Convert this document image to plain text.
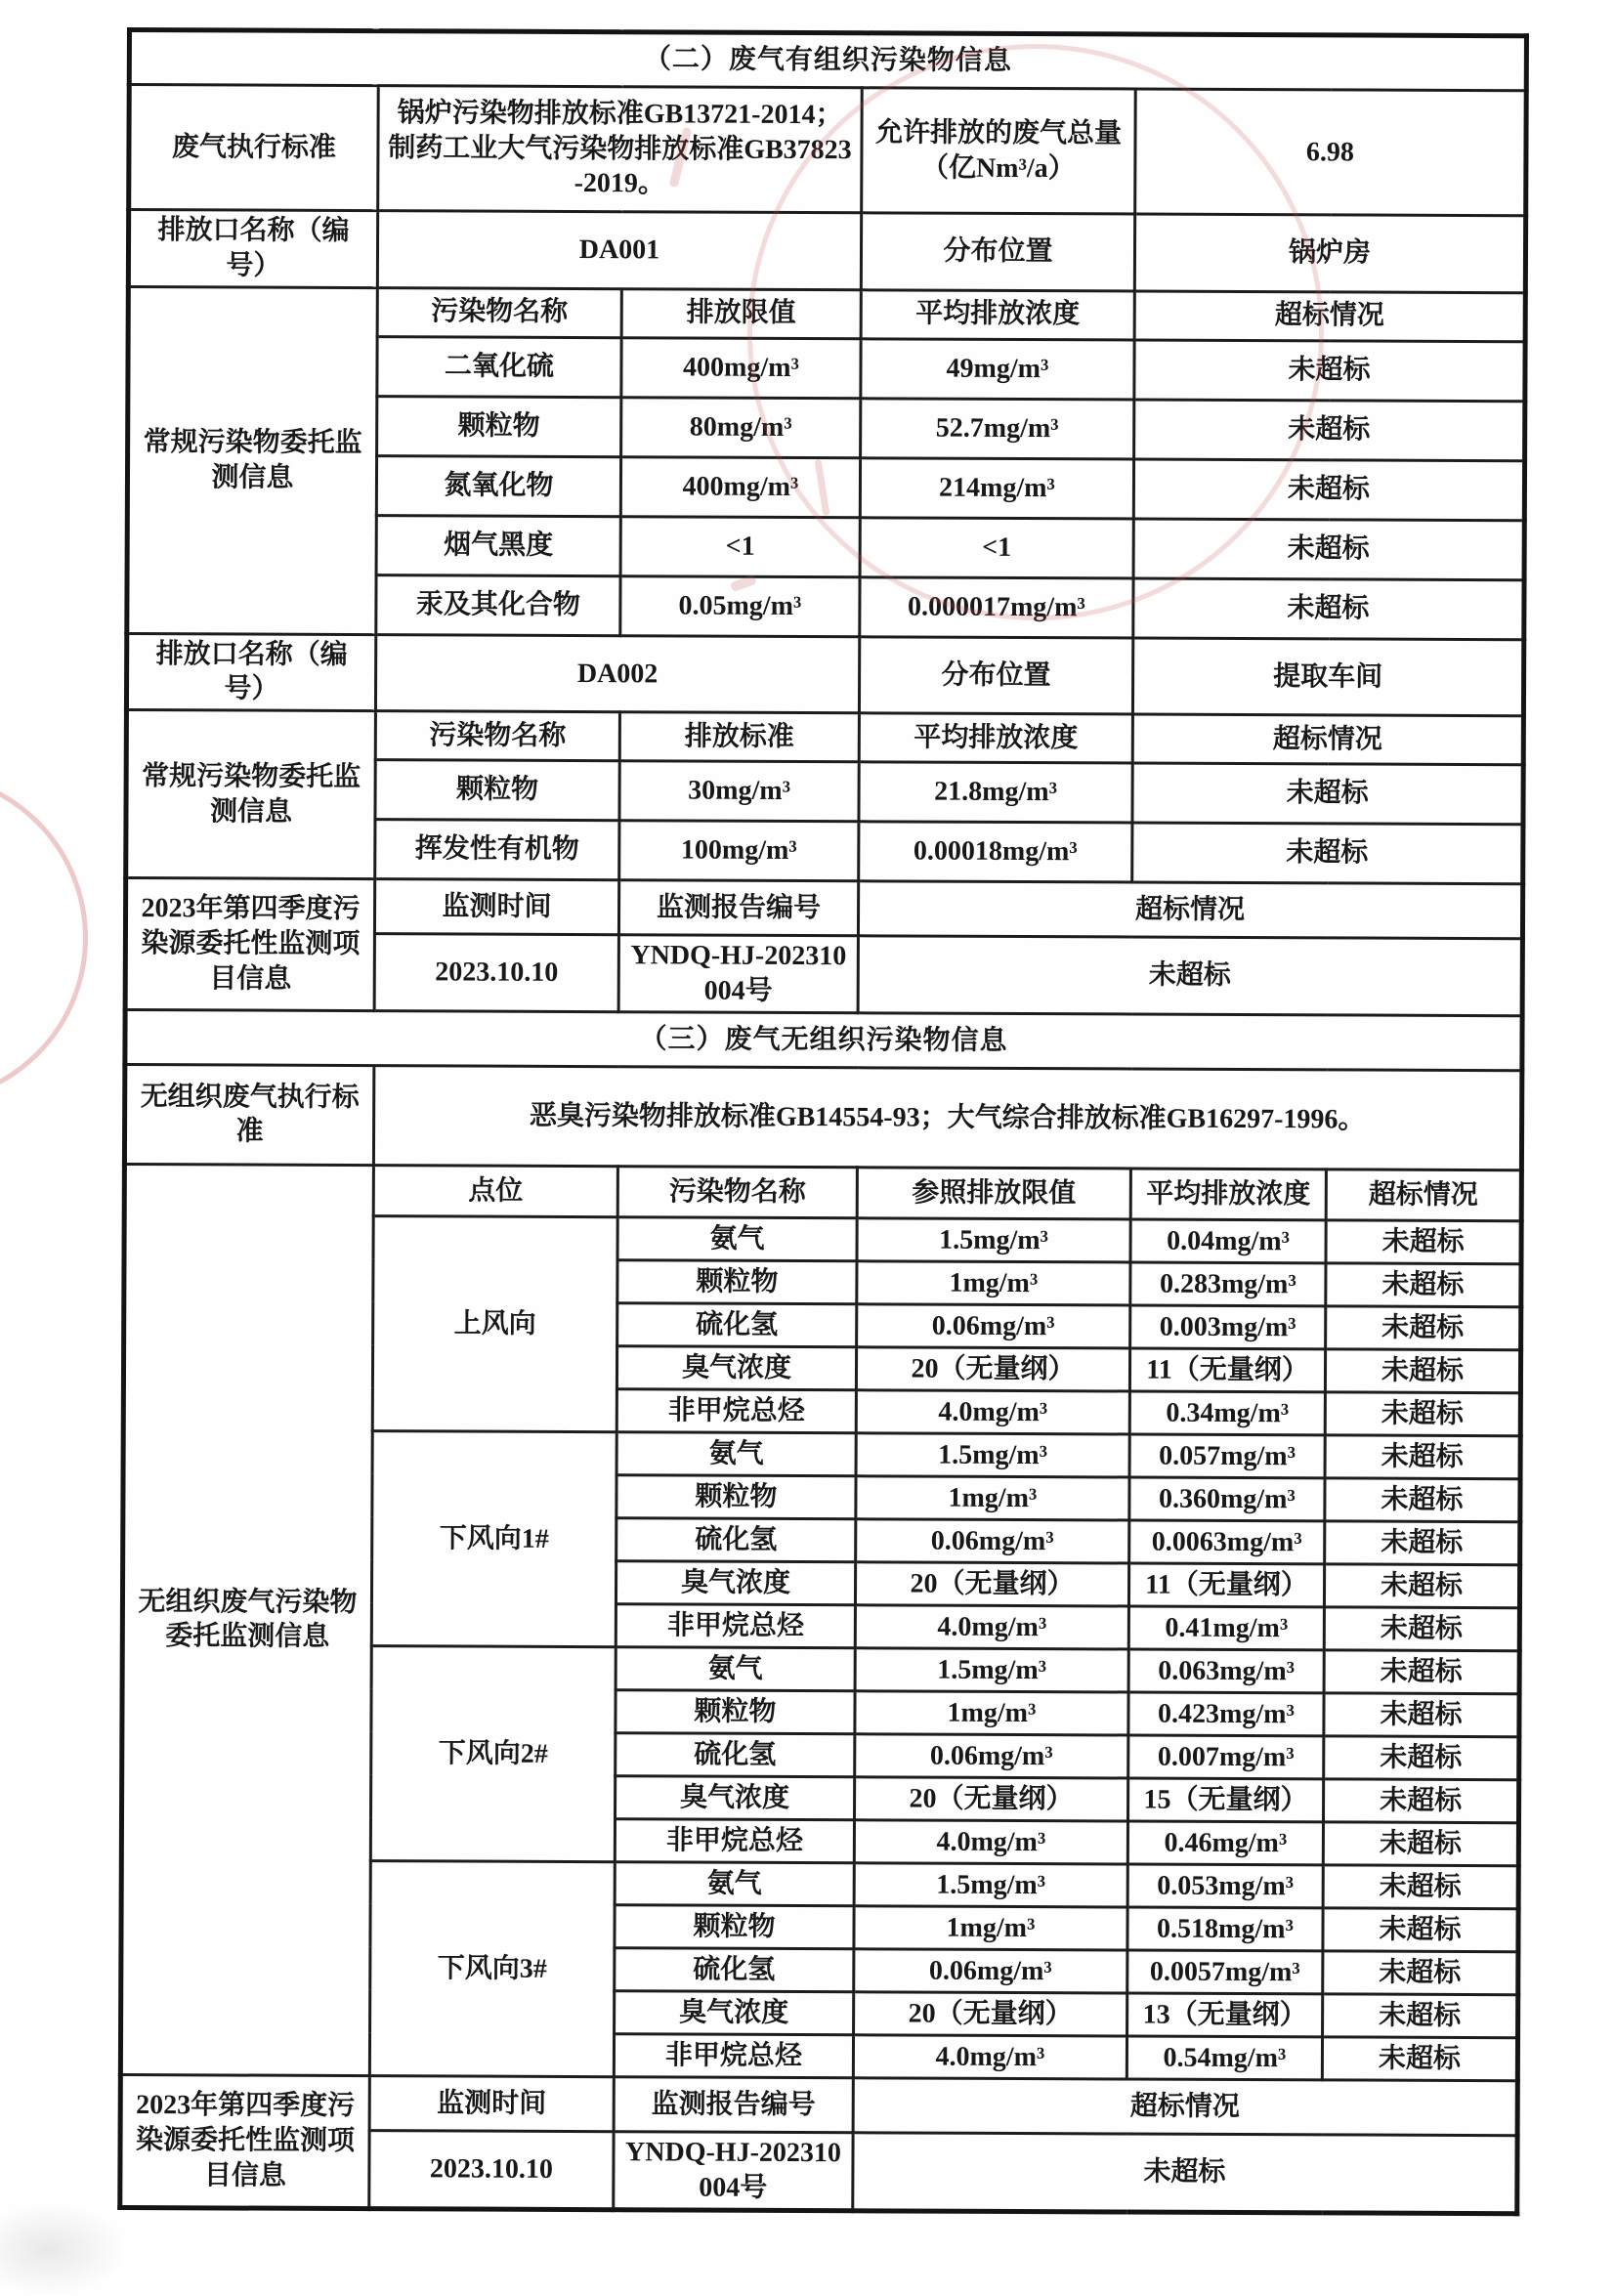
（二）废气有组织污染物信息					
废气执行标准	锅炉污染物排放标准GB13721-2014；制药工业大气污染物排放标准GB37823-2019。		允许排放的废气总量（亿Nm³/a）	6.98	
排放口名称（编号）	DA001		分布位置	锅炉房	
常规污染物委托监测信息	污染物名称	排放限值	平均排放浓度	超标情况	
	二氧化硫	400mg/m³	49mg/m³	未超标	
	颗粒物	80mg/m³	52.7mg/m³	未超标	
	氮氧化物	400mg/m³	214mg/m³	未超标	
	烟气黑度	<1	<1	未超标	
	汞及其化合物	0.05mg/m³	0.000017mg/m³	未超标	
排放口名称（编号）	DA002		分布位置	提取车间	
常规污染物委托监测信息	污染物名称	排放标准	平均排放浓度	超标情况	
	颗粒物	30mg/m³	21.8mg/m³	未超标	
	挥发性有机物	100mg/m³	0.00018mg/m³	未超标	
2023年第四季度污染源委托性监测项目信息	监测时间	监测报告编号	超标情况		
	2023.10.10	YNDQ-HJ-202310004号	未超标		
（三）废气无组织污染物信息					
无组织废气执行标准	恶臭污染物排放标准GB14554-93；大气综合排放标准GB16297-1996。				
无组织废气污染物委托监测信息	点位	污染物名称	参照排放限值	平均排放浓度	超标情况
	上风向	氨气	1.5mg/m³	0.04mg/m³	未超标
		颗粒物	1mg/m³	0.283mg/m³	未超标
		硫化氢	0.06mg/m³	0.003mg/m³	未超标
		臭气浓度	20（无量纲）	11（无量纲）	未超标
		非甲烷总烃	4.0mg/m³	0.34mg/m³	未超标
	下风向1#	氨气	1.5mg/m³	0.057mg/m³	未超标
		颗粒物	1mg/m³	0.360mg/m³	未超标
		硫化氢	0.06mg/m³	0.0063mg/m³	未超标
		臭气浓度	20（无量纲）	11（无量纲）	未超标
		非甲烷总烃	4.0mg/m³	0.41mg/m³	未超标
	下风向2#	氨气	1.5mg/m³	0.063mg/m³	未超标
		颗粒物	1mg/m³	0.423mg/m³	未超标
		硫化氢	0.06mg/m³	0.007mg/m³	未超标
		臭气浓度	20（无量纲）	15（无量纲）	未超标
		非甲烷总烃	4.0mg/m³	0.46mg/m³	未超标
	下风向3#	氨气	1.5mg/m³	0.053mg/m³	未超标
		颗粒物	1mg/m³	0.518mg/m³	未超标
		硫化氢	0.06mg/m³	0.0057mg/m³	未超标
		臭气浓度	20（无量纲）	13（无量纲）	未超标
		非甲烷总烃	4.0mg/m³	0.54mg/m³	未超标
2023年第四季度污染源委托性监测项目信息	监测时间	监测报告编号	超标情况		
	2023.10.10	YNDQ-HJ-202310004号	未超标		
